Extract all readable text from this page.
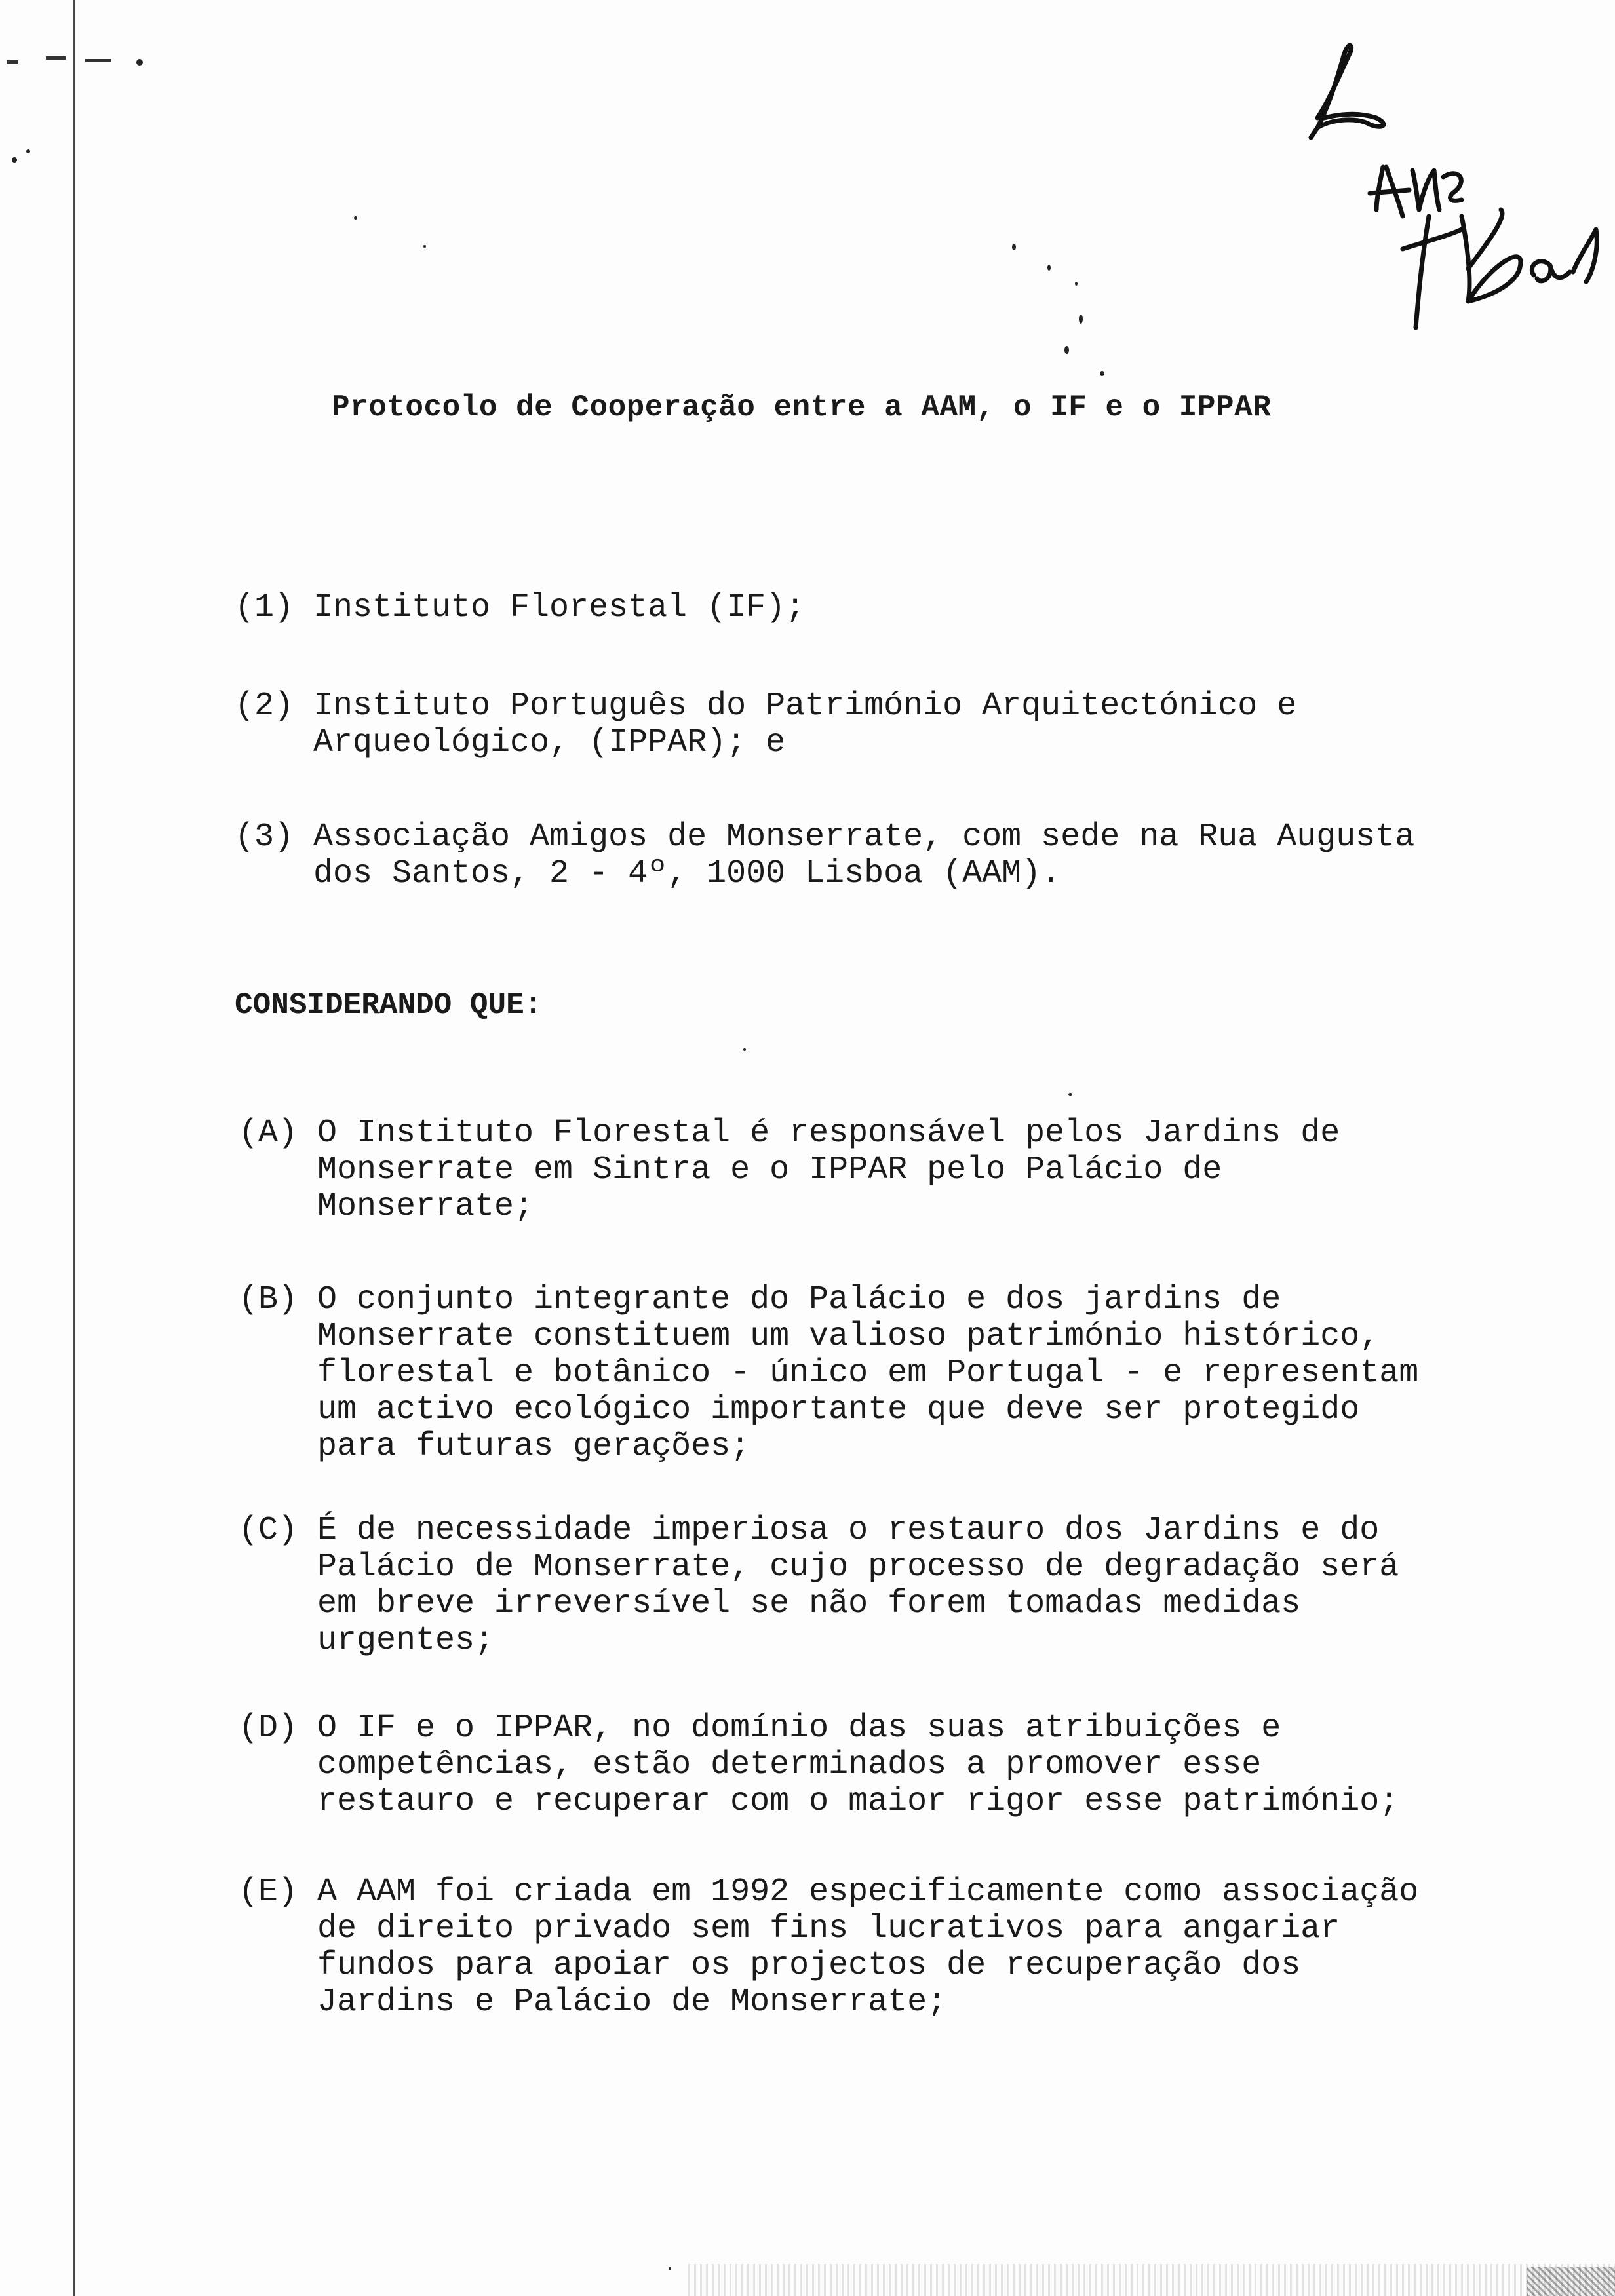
Protocolo de Cooperação entre a AAM, o IF e o IPPAR
(1) Instituto Florestal (IF);
(2) Instituto Português do Património Arquitectónico e
Arqueológico, (IPPAR); e
(3) Associação Amigos de Monserrate, com sede na Rua Augusta
dos Santos, 2 - 4º, 1000 Lisboa (AAM).
CONSIDERANDO QUE:
(A) O Instituto Florestal é responsável pelos Jardins de
Monserrate em Sintra e o IPPAR pelo Palácio de
Monserrate;
(B) O conjunto integrante do Palácio e dos jardins de
Monserrate constituem um valioso património histórico,
florestal e botânico - único em Portugal - e representam
um activo ecológico importante que deve ser protegido
para futuras gerações;
(C) É de necessidade imperiosa o restauro dos Jardins e do
Palácio de Monserrate, cujo processo de degradação será
em breve irreversível se não forem tomadas medidas
urgentes;
(D) O IF e o IPPAR, no domínio das suas atribuições e
competências, estão determinados a promover esse
restauro e recuperar com o maior rigor esse património;
(E) A AAM foi criada em 1992 especificamente como associação
de direito privado sem fins lucrativos para angariar
fundos para apoiar os projectos de recuperação dos
Jardins e Palácio de Monserrate;
